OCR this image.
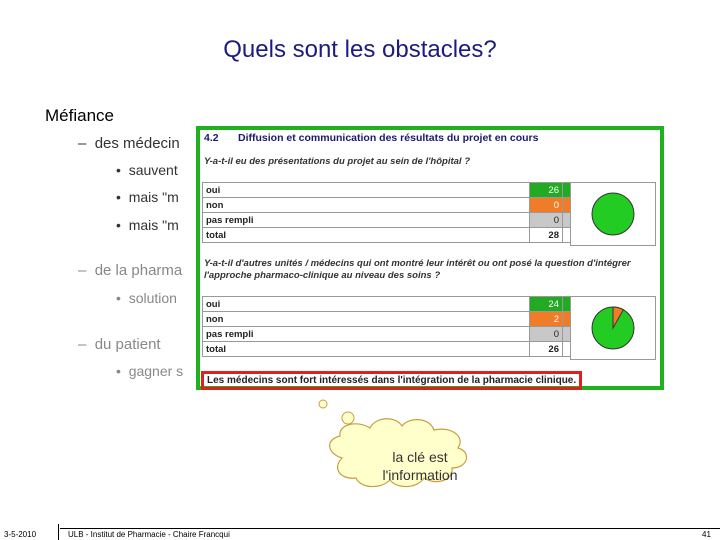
Quels sont les obstacles?
Méfiance
– des médecin
• sauvent
• mais "m
• mais "m
– de la pharma
• solution
– du patient
• gagner s
4.2 Diffusion et communication des résultats du projet en cours
Y-a-t-il eu des présentations du projet au sein de l'hôpital ?
oui	26	
non	0	
pas rempli	0	
total	28	
Y-a-t-il d'autres unités / médecins qui ont montré leur intérêt ou ont posé la question d'intégrer l'approche pharmaco-clinique au niveau des soins ?
oui	24	
non	2	
pas rempli	0	
total	26	
Les médecins sont fort intéressés dans l'intégration de la pharmacie clinique.
la clé est l'information
3-5-2010	ULB - Institut de Pharmacie - Chaire Francqui	41
